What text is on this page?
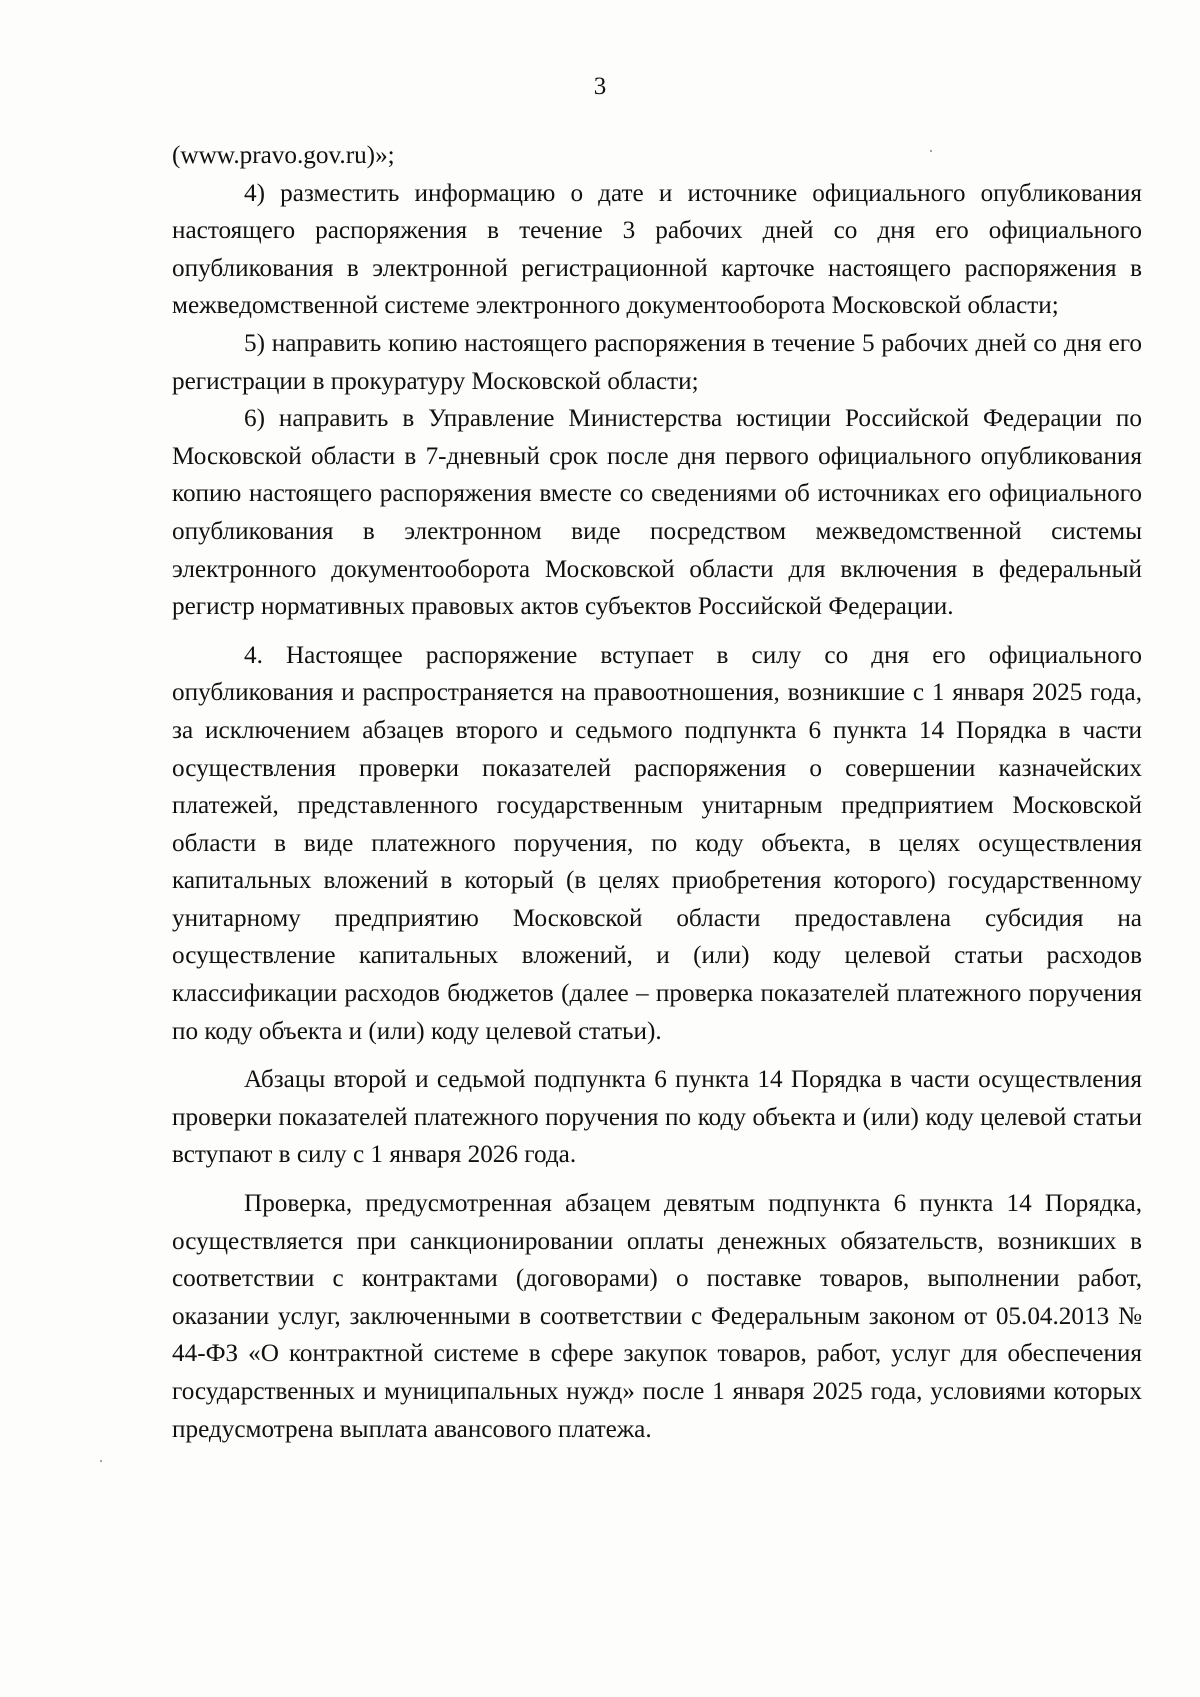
3

(www.pravo.gov.ru)»;

4) разместить информацию о дате и источнике официального опубликования настоящего распоряжения в течение 3 рабочих дней со дня его официального опубликования в электронной регистрационной карточке настоящего распоряжения в межведомственной системе электронного документооборота Московской области;

5) направить копию настоящего распоряжения в течение 5 рабочих дней со дня его регистрации в прокуратуру Московской области;

6) направить в Управление Министерства юстиции Российской Федерации по Московской области в 7-дневный срок после дня первого официального опубликования копию настоящего распоряжения вместе со сведениями об источниках его официального опубликования в электронном виде посредством межведомственной системы электронного документооборота Московской области для включения в федеральный регистр нормативных правовых актов субъектов Российской Федерации.

4. Настоящее распоряжение вступает в силу со дня его официального опубликования и распространяется на правоотношения, возникшие с 1 января 2025 года, за исключением абзацев второго и седьмого подпункта 6 пункта 14 Порядка в части осуществления проверки показателей распоряжения о совершении казначейских платежей, представленного государственным унитарным предприятием Московской области в виде платежного поручения, по коду объекта, в целях осуществления капитальных вложений в который (в целях приобретения которого) государственному унитарному предприятию Московской области предоставлена субсидия на осуществление капитальных вложений, и (или) коду целевой статьи расходов классификации расходов бюджетов (далее – проверка показателей платежного поручения по коду объекта и (или) коду целевой статьи).

Абзацы второй и седьмой подпункта 6 пункта 14 Порядка в части осуществления проверки показателей платежного поручения по коду объекта и (или) коду целевой статьи вступают в силу с 1 января 2026 года.

Проверка, предусмотренная абзацем девятым подпункта 6 пункта 14 Порядка, осуществляется при санкционировании оплаты денежных обязательств, возникших в соответствии с контрактами (договорами) о поставке товаров, выполнении работ, оказании услуг, заключенными в соответствии с Федеральным законом от 05.04.2013 № 44-ФЗ «О контрактной системе в сфере закупок товаров, работ, услуг для обеспечения государственных и муниципальных нужд» после 1 января 2025 года, условиями которых предусмотрена выплата авансового платежа.
